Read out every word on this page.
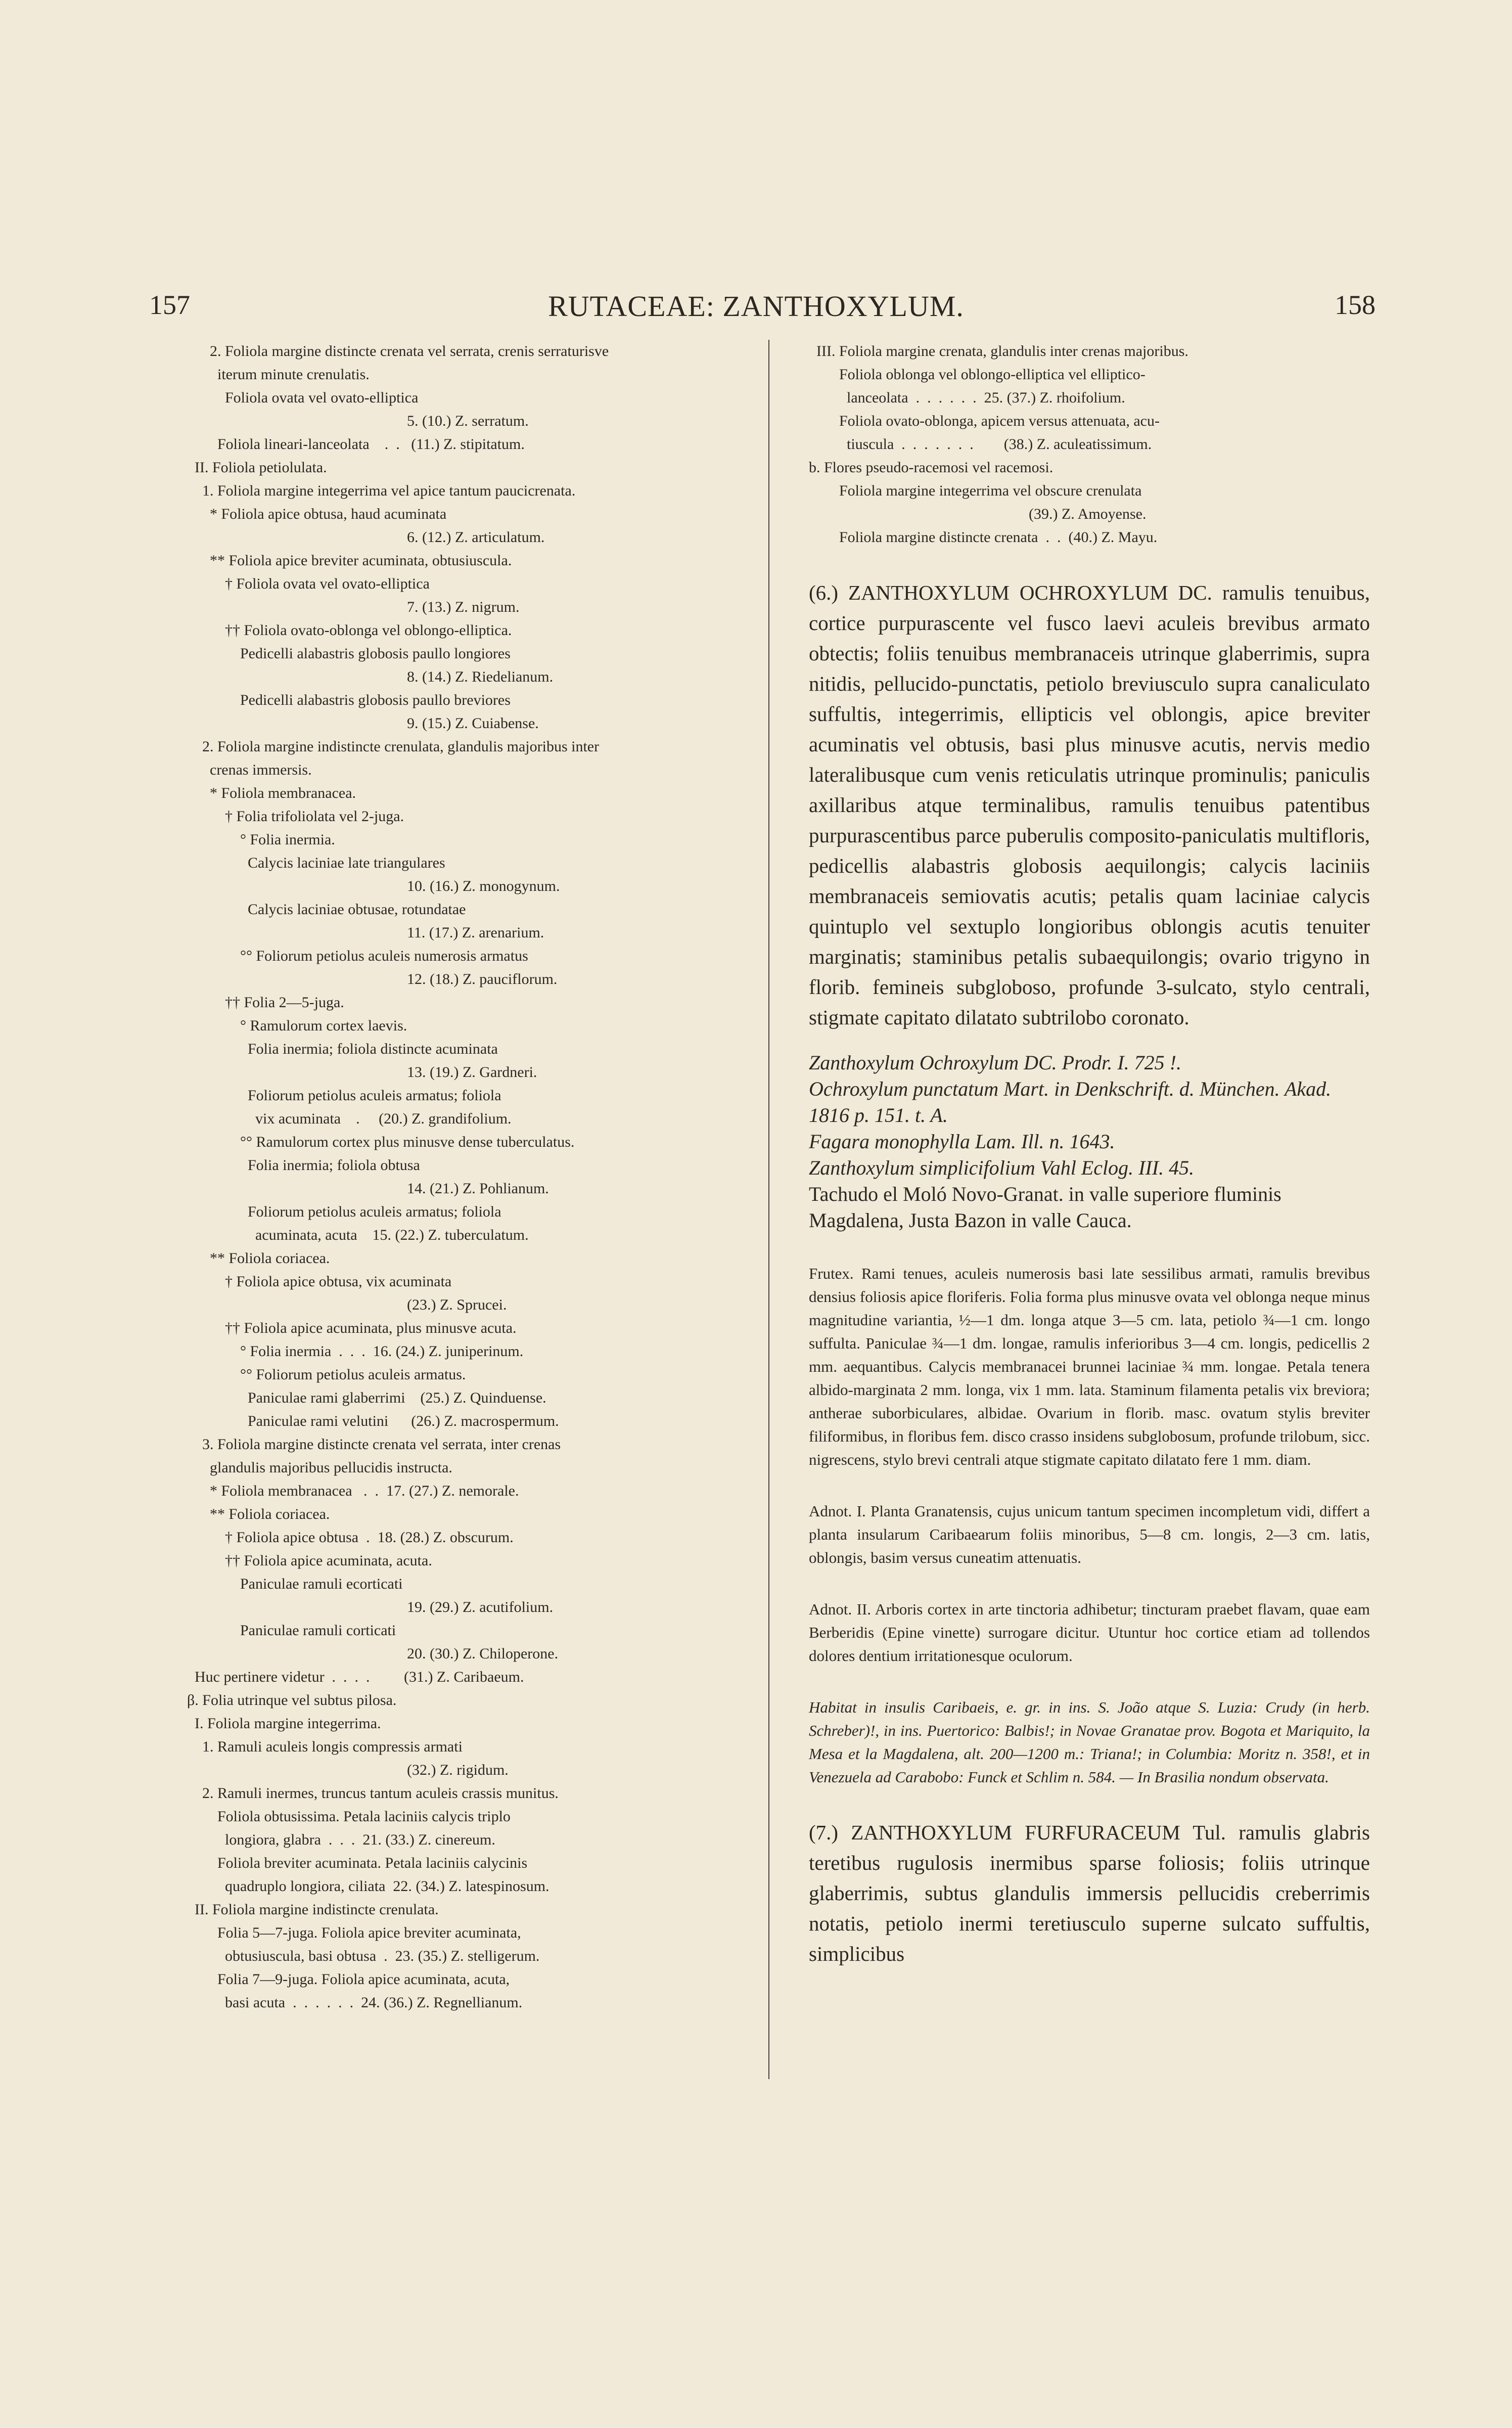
157	RUTACEAE: ZANTHOXYLUM.	158
2. Foliola margine distincte crenata vel serrata, crenis serraturisve
iterum minute crenulatis.
Foliola ovata vel ovato-elliptica
5. (10.) Z. serratum.
Foliola lineari-lanceolata    .  .   (11.) Z. stipitatum.
II. Foliola petiolulata.
1. Foliola margine integerrima vel apice tantum paucicrenata.
* Foliola apice obtusa, haud acuminata
6. (12.) Z. articulatum.
** Foliola apice breviter acuminata, obtusiuscula.
† Foliola ovata vel ovato-elliptica
7. (13.) Z. nigrum.
†† Foliola ovato-oblonga vel oblongo-elliptica.
Pedicelli alabastris globosis paullo longiores
8. (14.) Z. Riedelianum.
Pedicelli alabastris globosis paullo breviores
9. (15.) Z. Cuiabense.
2. Foliola margine indistincte crenulata, glandulis majoribus inter
crenas immersis.
* Foliola membranacea.
† Folia trifoliolata vel 2-juga.
° Folia inermia.
Calycis laciniae late triangulares
10. (16.) Z. monogynum.
Calycis laciniae obtusae, rotundatae
11. (17.) Z. arenarium.
°° Foliorum petiolus aculeis numerosis armatus
12. (18.) Z. pauciflorum.
†† Folia 2—5-juga.
° Ramulorum cortex laevis.
Folia inermia; foliola distincte acuminata
13. (19.) Z. Gardneri.
Foliorum petiolus aculeis armatus; foliola
vix acuminata    .     (20.) Z. grandifolium.
°° Ramulorum cortex plus minusve dense tuberculatus.
Folia inermia; foliola obtusa
14. (21.) Z. Pohlianum.
Foliorum petiolus aculeis armatus; foliola
acuminata, acuta    15. (22.) Z. tuberculatum.
** Foliola coriacea.
† Foliola apice obtusa, vix acuminata
(23.) Z. Sprucei.
†† Foliola apice acuminata, plus minusve acuta.
° Folia inermia  .  .  .  16. (24.) Z. juniperinum.
°° Foliorum petiolus aculeis armatus.
Paniculae rami glaberrimi    (25.) Z. Quinduense.
Paniculae rami velutini      (26.) Z. macrospermum.
3. Foliola margine distincte crenata vel serrata, inter crenas
glandulis majoribus pellucidis instructa.
* Foliola membranacea   .  .  17. (27.) Z. nemorale.
** Foliola coriacea.
† Foliola apice obtusa  .  18. (28.) Z. obscurum.
†† Foliola apice acuminata, acuta.
Paniculae ramuli ecorticati
19. (29.) Z. acutifolium.
Paniculae ramuli corticati
20. (30.) Z. Chiloperone.
Huc pertinere videtur  .  .  .  .         (31.) Z. Caribaeum.
β. Folia utrinque vel subtus pilosa.
I. Foliola margine integerrima.
1. Ramuli aculeis longis compressis armati
(32.) Z. rigidum.
2. Ramuli inermes, truncus tantum aculeis crassis munitus.
Foliola obtusissima. Petala laciniis calycis triplo
longiora, glabra  .  .  .  21. (33.) Z. cinereum.
Foliola breviter acuminata. Petala laciniis calycinis
quadruplo longiora, ciliata  22. (34.) Z. latespinosum.
II. Foliola margine indistincte crenulata.
Folia 5—7-juga. Foliola apice breviter acuminata,
obtusiuscula, basi obtusa  .  23. (35.) Z. stelligerum.
Folia 7—9-juga. Foliola apice acuminata, acuta,
basi acuta  .  .  .  .  .  .  24. (36.) Z. Regnellianum.
III. Foliola margine crenata, glandulis inter crenas majoribus.
Foliola oblonga vel oblongo-elliptica vel elliptico-
lanceolata  .  .  .  .  .  .  25. (37.) Z. rhoifolium.
Foliola ovato-oblonga, apicem versus attenuata, acu-
tiuscula  .  .  .  .  .  .  .        (38.) Z. aculeatissimum.
b. Flores pseudo-racemosi vel racemosi.
Foliola margine integerrima vel obscure crenulata
(39.) Z. Amoyense.
Foliola margine distincte crenata  .  .  (40.) Z. Mayu.
(6.) ZANTHOXYLUM OCHROXYLUM DC. ramulis tenuibus, cortice purpurascente vel fusco laevi aculeis brevibus armato obtectis; foliis tenuibus membranaceis utrinque glaberrimis, supra nitidis, pellucido-punctatis, petiolo breviusculo supra canaliculato suffultis, integerrimis, ellipticis vel oblongis, apice breviter acuminatis vel obtusis, basi plus minusve acutis, nervis medio lateralibusque cum venis reticulatis utrinque prominulis; paniculis axillaribus atque terminalibus, ramulis tenuibus patentibus purpurascentibus parce puberulis composito-paniculatis multifloris, pedicellis alabastris globosis aequilongis; calycis laciniis membranaceis semiovatis acutis; petalis quam laciniae calycis quintuplo vel sextuplo longioribus oblongis acutis tenuiter marginatis; staminibus petalis subaequilongis; ovario trigyno in florib. femineis subgloboso, profunde 3-sulcato, stylo centrali, stigmate capitato dilatato subtrilobo coronato.
Zanthoxylum Ochroxylum DC. Prodr. I. 725 !.
Ochroxylum punctatum Mart. in Denkschrift. d. München. Akad. 1816 p. 151. t. A.
Fagara monophylla Lam. Ill. n. 1643.
Zanthoxylum simplicifolium Vahl Eclog. III. 45.
Tachudo el Moló Novo-Granat. in valle superiore fluminis Magdalena, Justa Bazon in valle Cauca.
Frutex. Rami tenues, aculeis numerosis basi late sessilibus armati, ramulis brevibus densius foliosis apice floriferis. Folia forma plus minusve ovata vel oblonga neque minus magnitudine variantia, ½—1 dm. longa atque 3—5 cm. lata, petiolo ¾—1 cm. longo suffulta. Paniculae ¾—1 dm. longae, ramulis inferioribus 3—4 cm. longis, pedicellis 2 mm. aequantibus. Calycis membranacei brunnei laciniae ¾ mm. longae. Petala tenera albido-marginata 2 mm. longa, vix 1 mm. lata. Staminum filamenta petalis vix breviora; antherae suborbiculares, albidae. Ovarium in florib. masc. ovatum stylis breviter filiformibus, in floribus fem. disco crasso insidens subglobosum, profunde trilobum, sicc. nigrescens, stylo brevi centrali atque stigmate capitato dilatato fere 1 mm. diam.
Adnot. I. Planta Granatensis, cujus unicum tantum specimen incompletum vidi, differt a planta insularum Caribaearum foliis minoribus, 5—8 cm. longis, 2—3 cm. latis, oblongis, basim versus cuneatim attenuatis.
Adnot. II. Arboris cortex in arte tinctoria adhibetur; tincturam praebet flavam, quae eam Berberidis (Epine vinette) surrogare dicitur. Utuntur hoc cortice etiam ad tollendos dolores dentium irritationesque oculorum.
Habitat in insulis Caribaeis, e. gr. in ins. S. João atque S. Luzia: Crudy (in herb. Schreber)!, in ins. Puertorico: Balbis!; in Novae Granatae prov. Bogota et Mariquito, la Mesa et la Magdalena, alt. 200—1200 m.: Triana!; in Columbia: Moritz n. 358!, et in Venezuela ad Carabobo: Funck et Schlim n. 584. — In Brasilia nondum observata.
(7.) ZANTHOXYLUM FURFURACEUM Tul. ramulis glabris teretibus rugulosis inermibus sparse foliosis; foliis utrinque glaberrimis, subtus glandulis immersis pellucidis creberrimis notatis, petiolo inermi teretiusculo superne sulcato suffultis, simplicibus
